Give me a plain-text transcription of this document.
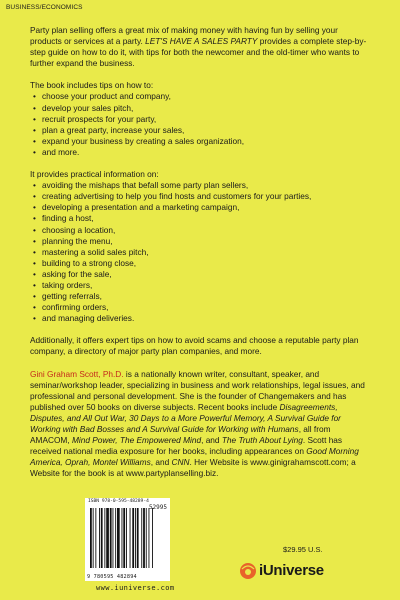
BUSINESS/ECONOMICS

Party plan selling offers a great mix of making money with having fun by selling your products or services at a party. LET'S HAVE A SALES PARTY provides a complete step-by-step guide on how to do it, with tips for both the newcomer and the old-timer who wants to further expand the business.

The book includes tips on how to:

• choose your product and company,
• develop your sales pitch,
• recruit prospects for your party,
• plan a great party, increase your sales,
• expand your business by creating a sales organization,
• and more.

It provides practical information on:

• avoiding the mishaps that befall some party plan sellers,
• creating advertising to help you find hosts and customers for your parties,
• developing a presentation and a marketing campaign,
• finding a host,
• choosing a location,
• planning the menu,
• mastering a solid sales pitch,
• building to a strong close,
• asking for the sale,
• taking orders,
• getting referrals,
• confirming orders,
• and managing deliveries.

Additionally, it offers expert tips on how to avoid scams and choose a reputable party plan company, a directory of major party plan companies, and more.

Gini Graham Scott, Ph.D. is a nationally known writer, consultant, speaker, and seminar/workshop leader, specializing in business and work relationships, legal issues, and professional and personal development. She is the founder of Changemakers and has published over 50 books on diverse subjects. Recent books include Disagreements, Disputes, and All Out War, 30 Days to a More Powerful Memory, A Survival Guide for Working with Bad Bosses and A Survival Guide for Working with Humans, all from AMACOM, Mind Power, The Empowered Mind, and The Truth About Lying. Scott has received national media exposure for her books, including appearances on Good Morning America, Oprah, Montel Williams, and CNN. Her Website is www.ginigrahamscott.com; a Website for the book is at www.partyplanselling.biz.

ISBN 978-0-595-48289-4
52995
9 780595 482894
www.iuniverse.com
$29.95 U.S.
iUniverse
